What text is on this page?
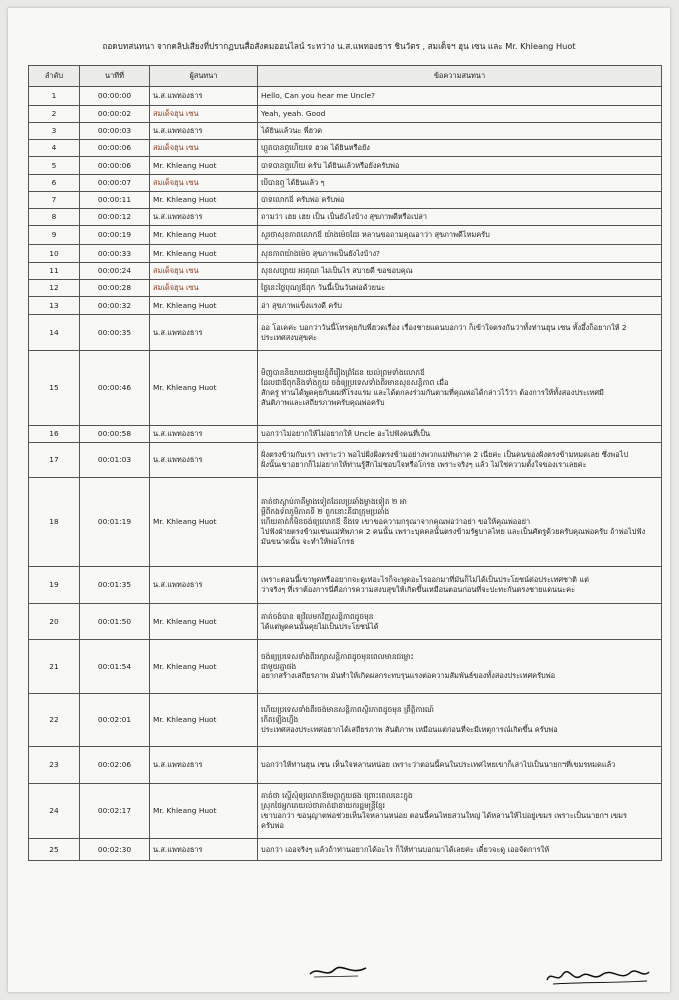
ถอดบทสนทนา จากคลิปเสียงที่ปรากฏบนสื่อสังคมออนไลน์ ระหว่าง น.ส.แพทองธาร ชินวัตร , สมเด็จฯ ฮุน เซน และ Mr. Khleang Huot
ลำดับ	นาทีที่	ผู้สนทนา	ข้อความสนทนา
1	00:00:00	น.ส.แพทองธาร	Hello, Can you hear me Uncle?

2	00:00:02	สมเด็จฮุน เซน	Yeah, yeah. Good

3	00:00:03	น.ส.แพทองธาร	ได้ยินแล้วนะ พี่ฮวด

4	00:00:06	สมเด็จฮุน เซน	ហ្អួតបាន​ឮហើយទេ ฮวด ได้ยินหรือยัง

5	00:00:06	Mr. Khleang Huot	បាទ​បាន​ឮហើយ ครับ ได้ยินแล้วหรือยังครับพ่อ

6	00:00:07	สมเด็จฮุน เซน	បើបានឮ ได้ยินแล้ว ๆ

7	00:00:11	Mr. Khleang Huot	បាទ​លោកឪ ครับพ่อ ครับพ่อ

8	00:00:12	น.ส.แพทองธาร	ถามว่า เฮย เฮย เป็น เป็นยังไงบ้าง สุขภาพดีหรือเปล่า

9	00:00:19	Mr. Khleang Huot	សួរថាសុខភាពលោកឪ យ៉ាងម៉េចដែរ หลานขอถามคุณอาว่า สุขภาพดีไหมครับ

10	00:00:33	Mr. Khleang Huot	សុខភាព​យ៉ាងម៉េច สุขภาพเป็นยังไงบ้าง?

11	00:00:24	สมเด็จฮุน เซน	សុខសប្បាយ អរគុណ ไม่เป็นไร สบายดี ขอขอบคุณ

12	00:00:28	สมเด็จฮุน เซน	ថ្ងៃនេះថ្ងៃបុណ្យឪពុក วันนี้เป็นวันพ่อด้วยนะ

13	00:00:32	Mr. Khleang Huot	อ่า สุขภาพแข็งแรงดี ครับ

14	00:00:35	น.ส.แพทองธาร	ออ โอเคค่ะ บอกว่าวันนี้โทรคุยกับพี่ฮวดเรื่อง เรื่องชายแดนบอกว่า ก็เข้าใจตรงกันว่าทั้งท่านฮุน เซน ทั้งอึ้งก็อยากให้ 2
ประเทศสงบสุขค่ะ

15	00:00:46	Mr. Khleang Huot	មិញ​បាន​និយាយ​ជាមួយ​ខ្ញុំពីរឿងព្រំដែន យល់ព្រមទាំងលោកឪ
ដែលជាឪពុកនិងទាំងក្មួយ ចង់ឲ្យប្រទេសទាំងពីរមានសុខសន្តិភាព เมื่อ
สักครู่ ท่านได้พูดคุยกับผมที่โรงแรม และได้ตกลงร่วมกันตามที่คุณพ่อได้กล่าวไว้ว่า ต้องการให้ทั้งสองประเทศมี
สันติภาพและเสถียรภาพครับคุณพ่อครับ

16	00:00:58	น.ส.แพทองธาร	บอกว่าไม่อยากให้ไม่อยากให้ Uncle อะไปฟังคนที่เป็น

17	00:01:03	น.ส.แพทองธาร	ฝั่งตรงข้ามกับเรา เพราะว่า พอไปฝั่งฝั่งตรงข้ามอย่างพวกแม่ทัพภาค 2 เนี่ยค่ะ เป็นคนของฝั่งตรงข้ามหมดเลย ซึ่งพอไป
ฝั่งนั้นเขาอยากก็ไม่อยากให้ท่านรู้สึกไม่ชอบใจหรือโกรธ เพราะจริงๆ แล้ว ไม่ใช่ความตั้งใจของเราเลยค่ะ

18	00:01:19	Mr. Khleang Huot	គាត់ថា​ស្ដាប់​ភាគីម្ខាងទៀត​ដែលប្រឆាំង​ម្ខាង​ទៀត ២ អា
ម្ភីពីកងទ័ពភូមិភាគ​ទី ២ ពួកនោះ​គឺ​ជា​ក្រុមប្រឆាំង
ហើយ​គាត់ក៏​មិន​ចង់​ឲ្យ​លោកឪ ខឹង​ទេ เขาขอความกรุณาจากคุณพ่อว่าอย่า ขอให้คุณพ่ออย่า
ไปฟังฝ่ายตรงข้ามเช่นแม่ทัพภาค 2 คนนั้น เพราะบุคคลนั้นตรงข้ามรัฐบาลไทย และเป็นศัตรูด้วยครับคุณพ่อครับ ถ้าพ่อไปฟัง
มันขนาดนั้น จะทำให้พ่อโกรธ

19	00:01:35	น.ส.แพทองธาร	เพราะตอนนี้เขาพูดหรืออยากจะดูเท่อะไรก็จะพูดอะไรออกมาที่มันก็ไม่ได้เป็นประโยชน์ต่อประเทศชาติ แต่
ว่าจริงๆ ที่เราต้องการนี่คือการความสงบสุขให้เกิดขึ้นเหมือนตอนก่อนที่จะปะทะกันตรงชายแดนนะคะ

20	00:01:50	Mr. Khleang Huot	គាត់ចង់បាន ឲ្យវិលមកវិញ​សន្តិភាពដូចមុន
ได้แต่พูดคนนั้นคุยไม่เป็นประโยชน์ได้

21	00:01:54	Mr. Khleang Huot	ចង់​ឲ្យ​​ប្រទេសទាំងពីររក្សាសន្តិភាពដូចមុនពេលមានជម្លោះ
ជាមួយ​គ្នា​ផង
อยากสร้างเสถียรภาพ มันทำให้เกิดผลกระทบรุนแรงต่อความสัมพันธ์ของทั้งสองประเทศครับพ่อ

22	00:02:01	Mr. Khleang Huot	ហើយ​ប្រទេស​ទាំងពីរ​ចង់​មាន​សន្តិភាព​ស្ថិរភាព​ដូចមុន ព្រឹត្តិការណ៍
កើតឡើងហ្នឹង
ประเทศสองประเทศอยากได้เสถียรภาพ สันติภาพ เหมือนแต่ก่อนที่จะมีเหตุการณ์เกิดขึ้น ครับพ่อ

23	00:02:06	น.ส.แพทองธาร	บอกว่าให้ท่านฮุน เซน เห็นใจหลานหน่อย เพราะว่าตอนนี้คนในประเทศไทยเขาก็เล่าไปเป็นนายกฯที่เขมรหมดแล้ว

24	00:02:17	Mr. Khleang Huot	គាត់ថា ស្នើសុំឲ្យលោកឪ​មេត្តា​ក្មួយ​ផង ព្រោះពេលនេះ​ក្នុង
ស្រុកថៃ​អ្នកគេ​យល់​ថាគាត់​ជានាយករដ្ឋមន្ត្រីខ្មែរ
เขาบอกว่า ขอนุญาตพ่อช่วยเห็นใจหลานหน่อย ตอนนี้คนไทยสวนใหญ่ ได้หลานให้ไปอยู่เขมร เพราะเป็นนายกฯ เขมร
ครับพ่อ

25	00:02:30	น.ส.แพทองธาร	บอกว่า เออจริงๆ แล้วถ้าท่านอยากได้อะไร ก็ให้ท่านบอกมาได้เลยค่ะ เดี๋ยวจะดู เออจัดการให้
